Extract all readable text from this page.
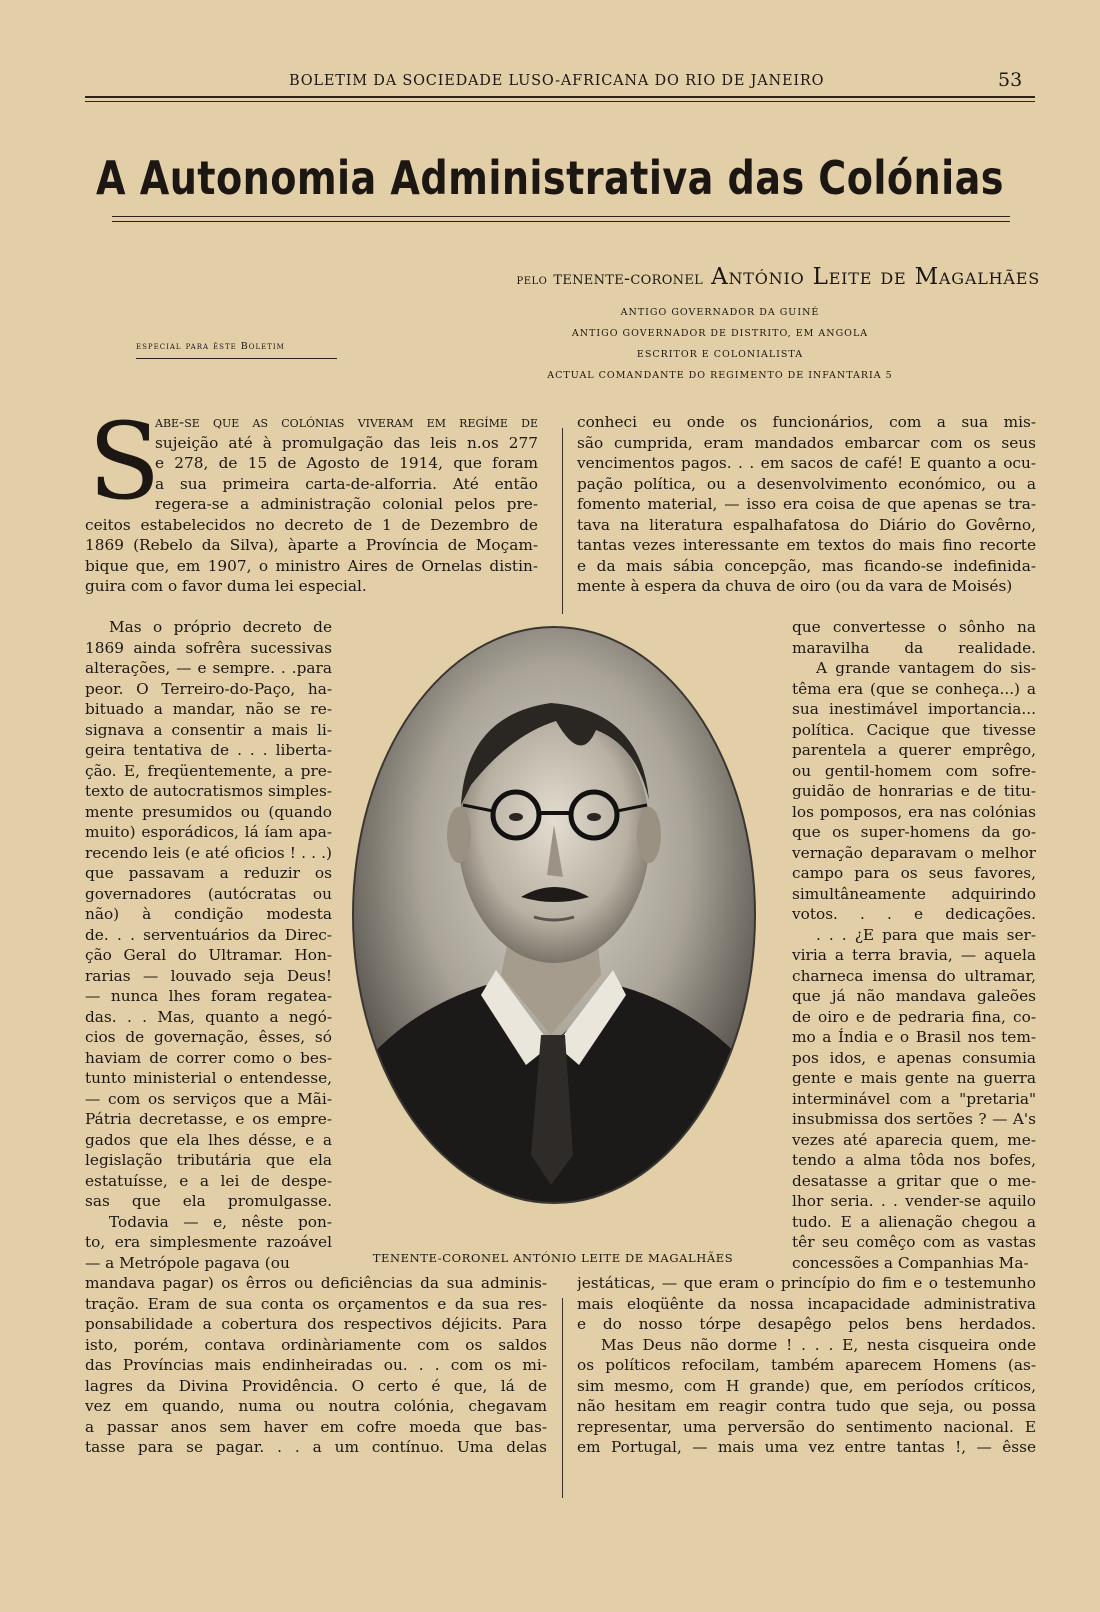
BOLETIM DA SOCIEDADE LUSO-AFRICANA DO RIO DE JANEIRO	53
A Autonomia Administrativa das Colónias
pelo tenente-coronel António Leite de Magalhães
ANTIGO GOVERNADOR DA GUINÉ
ANTIGO GOVERNADOR DE DISTRITO, EM ANGOLA
ESCRITOR E COLONIALISTA
ACTUAL COMANDANTE DO REGIMENTO DE INFANTARIA 5
especial para êste Boletim
S
abe-se que as colónias viveram em regíme de
sujeição até à promulgação das leis n.os 277
e 278, de 15 de Agosto de 1914, que foram
a sua primeira carta-de-alforria. Até então
regera-se a administração colonial pelos pre-
ceitos estabelecidos no decreto de 1 de Dezembro de
1869 (Rebelo da Silva), àparte a Província de Moçam-
bique que, em 1907, o ministro Aires de Ornelas distin-
guira com o favor duma lei especial.
Mas o próprio decreto de
1869 ainda sofrêra sucessivas
alterações, — e sempre. . .para
peor. O Terreiro-do-Paço, ha-
bituado a mandar, não se re-
signava a consentir a mais li-
geira tentativa de . . . liberta-
ção. E, freqüentemente, a pre-
texto de autocratismos simples-
mente presumidos ou (quando
muito) esporádicos, lá íam apa-
recendo leis (e até oficios ! . . .)
que passavam a reduzir os
governadores (autócratas ou
não) à condição modesta
de. . . serventuários da Direc-
ção Geral do Ultramar. Hon-
rarias — louvado seja Deus!
— nunca lhes foram regatea-
das. . . Mas, quanto a negó-
cios de governação, êsses, só
haviam de correr como o bes-
tunto ministerial o entendesse,
— com os serviços que a Mãi-
Pátria decretasse, e os empre-
gados que ela lhes désse, e a
legislação tributária que ela
estatuísse, e a lei de despe-
sas que ela promulgasse.
Todavia — e, nêste pon-
to, era simplesmente razoável
— a Metrópole pagava (ou
mandava pagar) os êrros ou deficiências da sua adminis-
tração. Eram de sua conta os orçamentos e da sua res-
ponsabilidade a cobertura dos respectivos déjicits. Para
isto, porém, contava ordinàriamente com os saldos
das Províncias mais endinheiradas ou. . . com os mi-
lagres da Divina Providência. O certo é que, lá de
vez em quando, numa ou noutra colónia, chegavam
a passar anos sem haver em cofre moeda que bas-
tasse para se pagar. . . a um contínuo. Uma delas
conheci eu onde os funcionários, com a sua mis-
são cumprida, eram mandados embarcar com os seus
vencimentos pagos. . . em sacos de café! E quanto a ocu-
pação política, ou a desenvolvimento económico, ou a
fomento material, — isso era coisa de que apenas se tra-
tava na literatura espalhafatosa do Diário do Govêrno,
tantas vezes interessante em textos do mais fino recorte
e da mais sábia concepção, mas ficando-se indefinida-
mente à espera da chuva de oiro (ou da vara de Moisés)
que convertesse o sônho na
maravilha da realidade.
A grande vantagem do sis-
têma era (que se conheça...) a
sua inestimável importancia...
política. Cacique que tivesse
parentela a querer emprêgo,
ou gentil-homem com sofre-
guidão de honrarias e de titu-
los pomposos, era nas colónias
que os super-homens da go-
vernação deparavam o melhor
campo para os seus favores,
simultâneamente adquirindo
votos. . . e dedicações.
. . . ¿E para que mais ser-
viria a terra bravia, — aquela
charneca imensa do ultramar,
que já não mandava galeões
de oiro e de pedraria fina, co-
mo a Índia e o Brasil nos tem-
pos idos, e apenas consumia
gente e mais gente na guerra
interminável com a "pretaria"
insubmissa dos sertões ? — A's
vezes até aparecia quem, me-
tendo a alma tôda nos bofes,
desatasse a gritar que o me-
lhor seria. . . vender-se aquilo
tudo. E a alienação chegou a
têr seu comêço com as vastas
concessões a Companhias Ma-
jestáticas, — que eram o princípio do fim e o testemunho
mais eloqüênte da nossa incapacidade administrativa
e do nosso tórpe desapêgo pelos bens herdados.
Mas Deus não dorme ! . . . E, nesta cisqueira onde
os políticos refocilam, também aparecem Homens (as-
sim mesmo, com H grande) que, em períodos críticos,
não hesitam em reagir contra tudo que seja, ou possa
representar, uma perversão do sentimento nacional. E
em Portugal, — mais uma vez entre tantas !, — êsse
TENENTE-CORONEL ANTÓNIO LEITE DE MAGALHÃES
